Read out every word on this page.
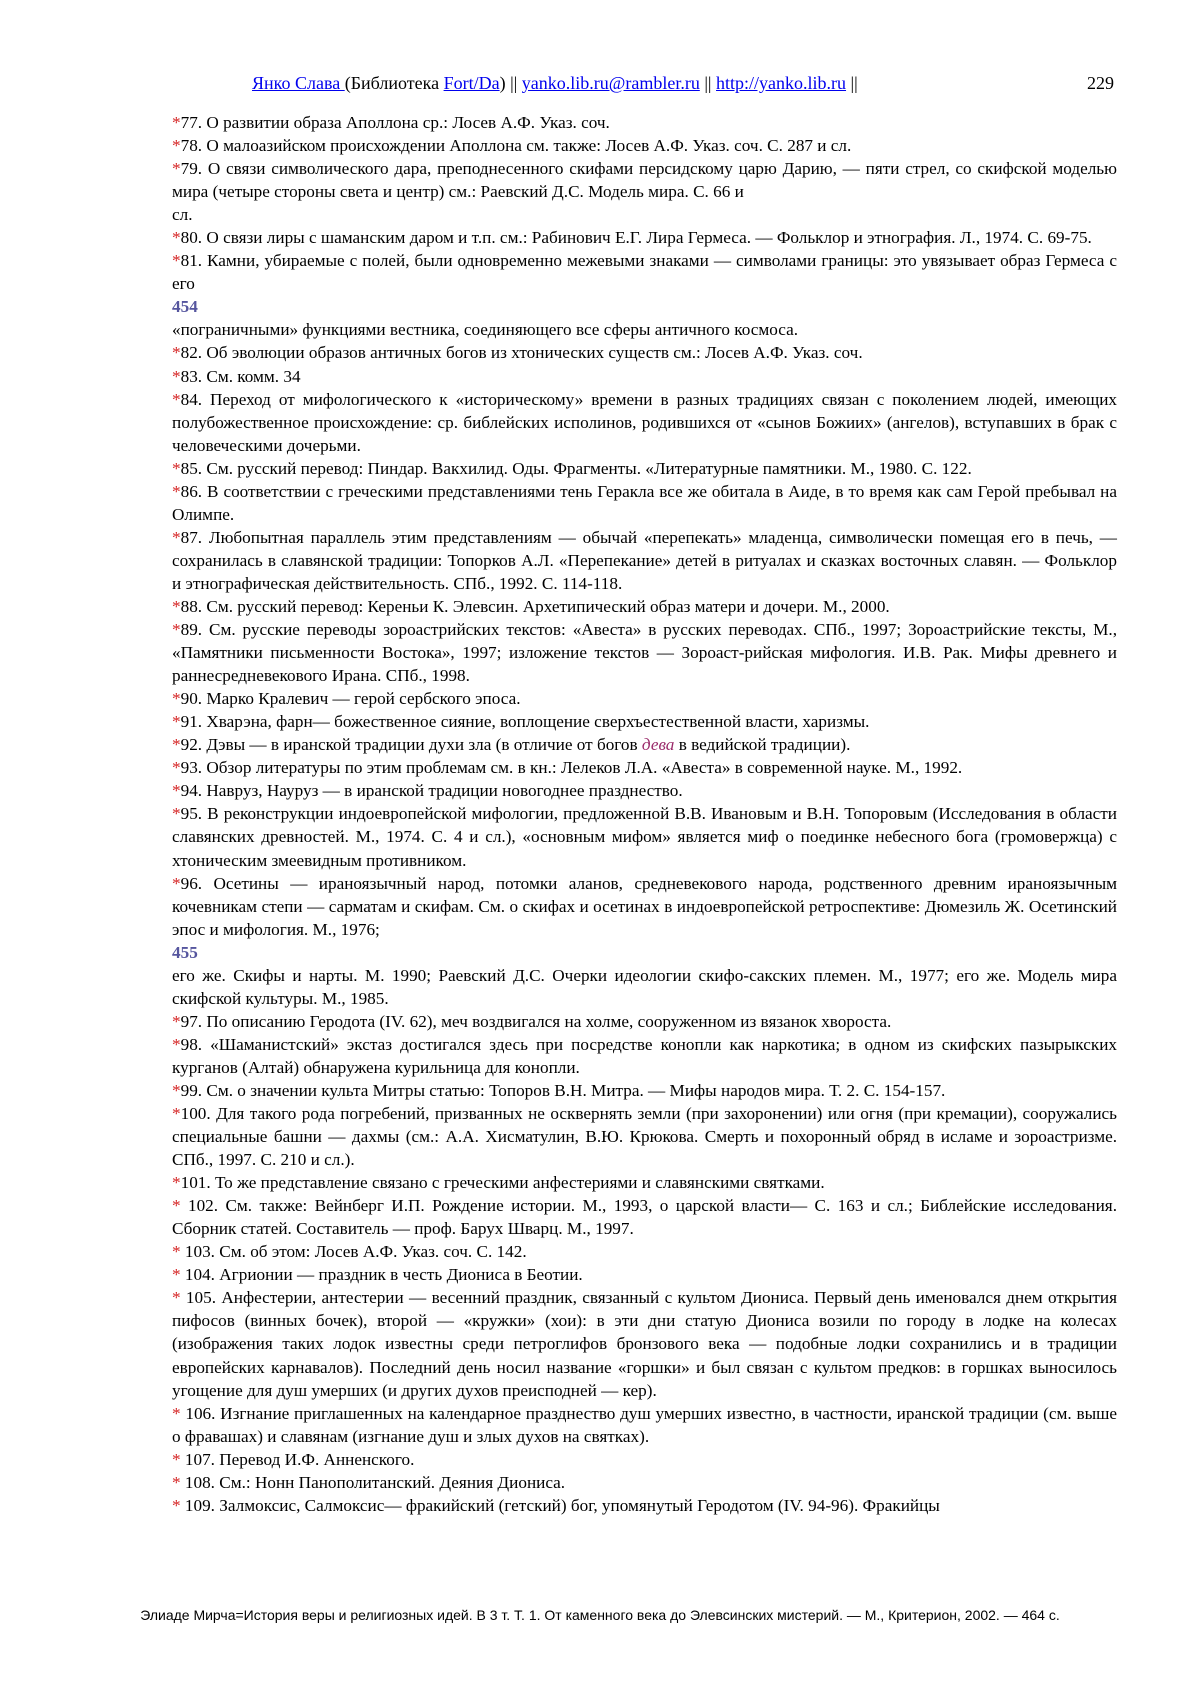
Янко Слава (Библиотека Fort/Da) || yanko.lib.ru@rambler.ru || http://yanko.lib.ru ||	229

*77. О развитии образа Аполлона ср.: Лосев А.Ф. Указ. соч.

*78. О малоазийском происхождении Аполлона см. также: Лосев А.Ф. Указ. соч. С. 287 и сл.

*79. О связи символического дара, преподнесенного скифами персидскому царю Дарию, — пяти стрел, со скифской моделью мира (четыре стороны света и центр) см.: Раевский Д.С. Модель мира. С. 66 и

сл.

*80. О связи лиры с шаманским даром и т.п. см.: Рабинович Е.Г. Лира Гермеса. — Фольклор и этнография. Л., 1974. С. 69-75.

*81. Камни, убираемые с полей, были одновременно межевыми знаками — символами границы: это увязывает образ Гермеса с его

454

«пограничными» функциями вестника, соединяющего все сферы античного космоса.

*82. Об эволюции образов античных богов из хтонических существ см.: Лосев А.Ф. Указ. соч.

*83. См. комм. 34

*84. Переход от мифологического к «историческому» времени в разных традициях связан с поколением людей, имеющих полубожественное происхождение: ср. библейских исполинов, родившихся от «сынов Божиих» (ангелов), вступавших в брак с человеческими дочерьми.

*85. См. русский перевод: Пиндар. Вакхилид. Оды. Фрагменты. «Литературные памятники. М., 1980. С. 122.

*86. В соответствии с греческими представлениями тень Геракла все же обитала в Аиде, в то время как сам Герой пребывал на Олимпе.

*87. Любопытная параллель этим представлениям — обычай «перепекать» младенца, символически помещая его в печь, — сохранилась в славянской традиции: Топорков А.Л. «Перепекание» детей в ритуалах и сказках восточных славян. — Фольклор и этнографическая действительность. СПб., 1992. С. 114-118.

*88. См. русский перевод: Кереньи К. Элевсин. Архетипический образ матери и дочери. М., 2000.

*89. См. русские переводы зороастрийских текстов: «Авеста» в русских переводах. СПб., 1997; Зороастрийские тексты, М., «Памятники письменности Востока», 1997; изложение текстов — Зороаст-рийская мифология. И.В. Рак. Мифы древнего и раннесредневекового Ирана. СПб., 1998.

*90. Марко Кралевич — герой сербского эпоса.

*91. Хварэна, фарн— божественное сияние, воплощение сверхъестественной власти, харизмы.

*92. Дэвы — в иранской традиции духи зла (в отличие от богов дева в ведийской традиции).

*93. Обзор литературы по этим проблемам см. в кн.: Лелеков Л.А. «Авеста» в современной науке. М., 1992.

*94. Навруз, Науруз — в иранской традиции новогоднее празднество.

*95. В реконструкции индоевропейской мифологии, предложенной В.В. Ивановым и В.Н. Топоровым (Исследования в области славянских древностей. М., 1974. С. 4 и сл.), «основным мифом» является миф о поединке небесного бога (громовержца) с хтоническим змеевидным противником.

*96. Осетины — ираноязычный народ, потомки аланов, средневекового народа, родственного древним ираноязычным кочевникам степи — сарматам и скифам. См. о скифах и осетинах в индоевропейской ретроспективе: Дюмезиль Ж. Осетинский эпос и мифология. М., 1976;

455

его же. Скифы и нарты. М. 1990; Раевский Д.С. Очерки идеологии скифо-сакских племен. М., 1977; его же. Модель мира скифской культуры. М., 1985.

*97. По описанию Геродота (IV. 62), меч воздвигался на холме, сооруженном из вязанок хвороста.

*98. «Шаманистский» экстаз достигался здесь при посредстве конопли как наркотика; в одном из скифских пазырыкских курганов (Алтай) обнаружена курильница для конопли.

*99. См. о значении культа Митры статью: Топоров В.Н. Митра. — Мифы народов мира. Т. 2. С. 154-157.

*100. Для такого рода погребений, призванных не осквернять земли (при захоронении) или огня (при кремации), сооружались специальные башни — дахмы (см.: А.А. Хисматулин, В.Ю. Крюкова. Смерть и похоронный обряд в исламе и зороастризме. СПб., 1997. С. 210 и сл.).

*101. То же представление связано с греческими анфестериями и славянскими святками.

* 102. См. также: Вейнберг И.П. Рождение истории. М., 1993, о царской власти— С. 163 и сл.; Библейские исследования. Сборник статей. Составитель — проф. Барух Шварц. М., 1997.

* 103. См. об этом: Лосев А.Ф. Указ. соч. С. 142.

* 104. Агрионии — праздник в честь Диониса в Беотии.

* 105. Анфестерии, антестерии — весенний праздник, связанный с культом Диониса. Первый день именовался днем открытия пифосов (винных бочек), второй — «кружки» (хои): в эти дни статую Диониса возили по городу в лодке на колесах (изображения таких лодок известны среди петроглифов бронзового века — подобные лодки сохранились и в традиции европейских карнавалов). Последний день носил название «горшки» и был связан с культом предков: в горшках выносилось угощение для душ умерших (и других духов преисподней — кер).

* 106. Изгнание приглашенных на календарное празднество душ умерших известно, в частности, иранской традиции (см. выше о фравашах) и славянам (изгнание душ и злых духов на святках).

* 107. Перевод И.Ф. Анненского.

* 108. См.: Нонн Панополитанский. Деяния Диониса.

* 109. Залмоксис, Салмоксис— фракийский (гетский) бог, упомянутый Геродотом (IV. 94-96). Фракийцы

Элиаде Мирча=История веры и религиозных идей. В 3 т. Т. 1. От каменного века до Элевсинских мистерий. — М., Критерион, 2002. — 464 с.
